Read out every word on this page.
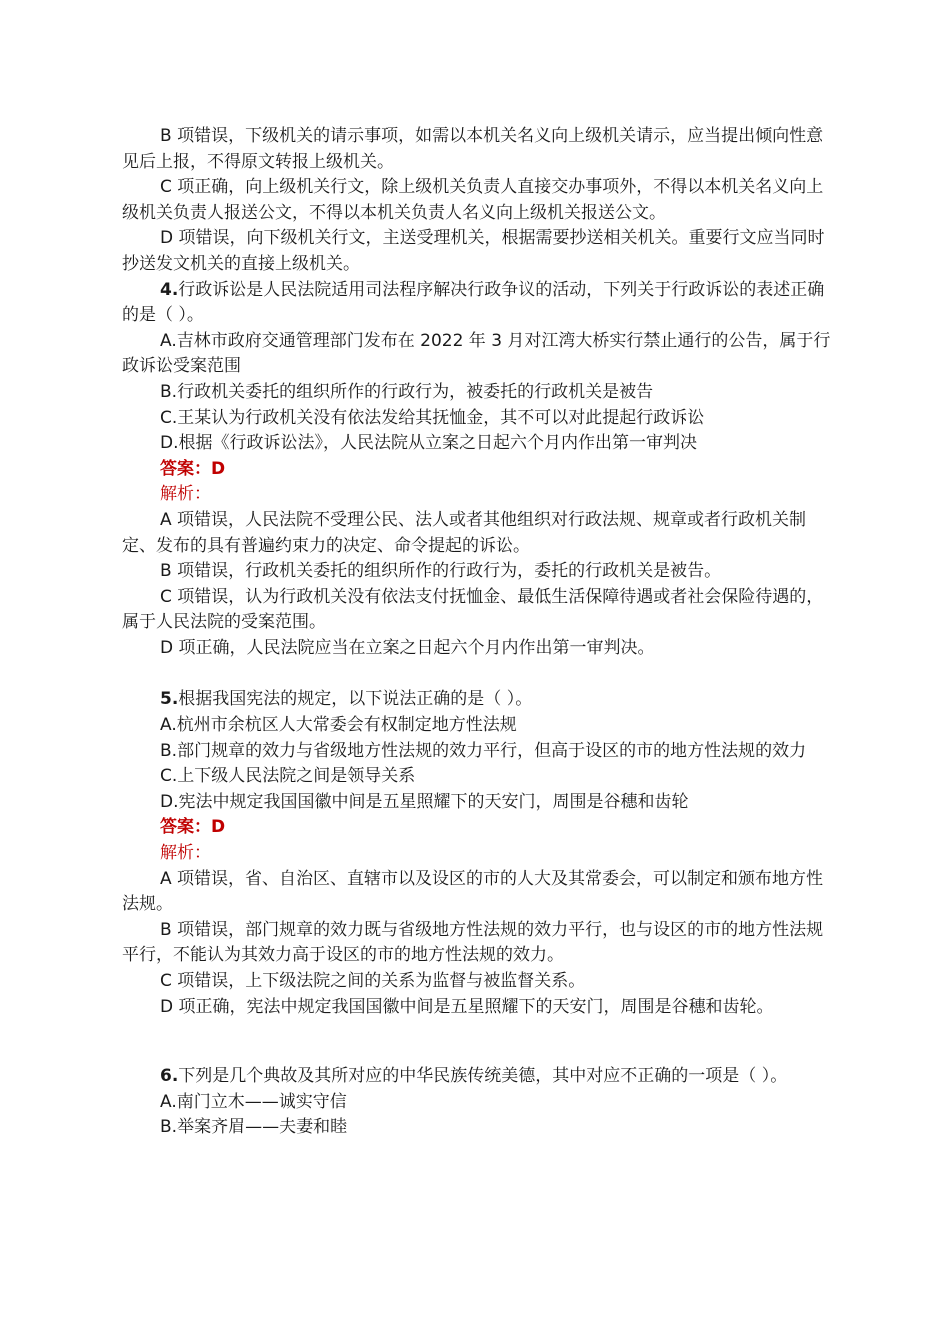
B 项错误，下级机关的请示事项，如需以本机关名义向上级机关请示，应当提出倾向性意见后上报，不得原文转报上级机关。

C 项正确，向上级机关行文，除上级机关负责人直接交办事项外，不得以本机关名义向上级机关负责人报送公文，不得以本机关负责人名义向上级机关报送公文。

D 项错误，向下级机关行文，主送受理机关，根据需要抄送相关机关。重要行文应当同时抄送发文机关的直接上级机关。

4.行政诉讼是人民法院适用司法程序解决行政争议的活动，下列关于行政诉讼的表述正确的是（ ）。

A.吉林市政府交通管理部门发布在 2022 年 3 月对江湾大桥实行禁止通行的公告，属于行政诉讼受案范围

B.行政机关委托的组织所作的行政行为，被委托的行政机关是被告

C.王某认为行政机关没有依法发给其抚恤金，其不可以对此提起行政诉讼

D.根据《行政诉讼法》，人民法院从立案之日起六个月内作出第一审判决

答案：D

解析：

A 项错误，人民法院不受理公民、法人或者其他组织对行政法规、规章或者行政机关制定、发布的具有普遍约束力的决定、命令提起的诉讼。

B 项错误，行政机关委托的组织所作的行政行为，委托的行政机关是被告。

C 项错误，认为行政机关没有依法支付抚恤金、最低生活保障待遇或者社会保险待遇的，属于人民法院的受案范围。

D 项正确，人民法院应当在立案之日起六个月内作出第一审判决。

5.根据我国宪法的规定，以下说法正确的是（ ）。

A.杭州市余杭区人大常委会有权制定地方性法规

B.部门规章的效力与省级地方性法规的效力平行，但高于设区的市的地方性法规的效力

C.上下级人民法院之间是领导关系

D.宪法中规定我国国徽中间是五星照耀下的天安门，周围是谷穗和齿轮

答案：D

解析：

A 项错误，省、自治区、直辖市以及设区的市的人大及其常委会，可以制定和颁布地方性法规。

B 项错误，部门规章的效力既与省级地方性法规的效力平行，也与设区的市的地方性法规平行，不能认为其效力高于设区的市的地方性法规的效力。

C 项错误，上下级法院之间的关系为监督与被监督关系。

D 项正确，宪法中规定我国国徽中间是五星照耀下的天安门，周围是谷穗和齿轮。

6.下列是几个典故及其所对应的中华民族传统美德，其中对应不正确的一项是（ ）。

A.南门立木——诚实守信

B.举案齐眉——夫妻和睦
